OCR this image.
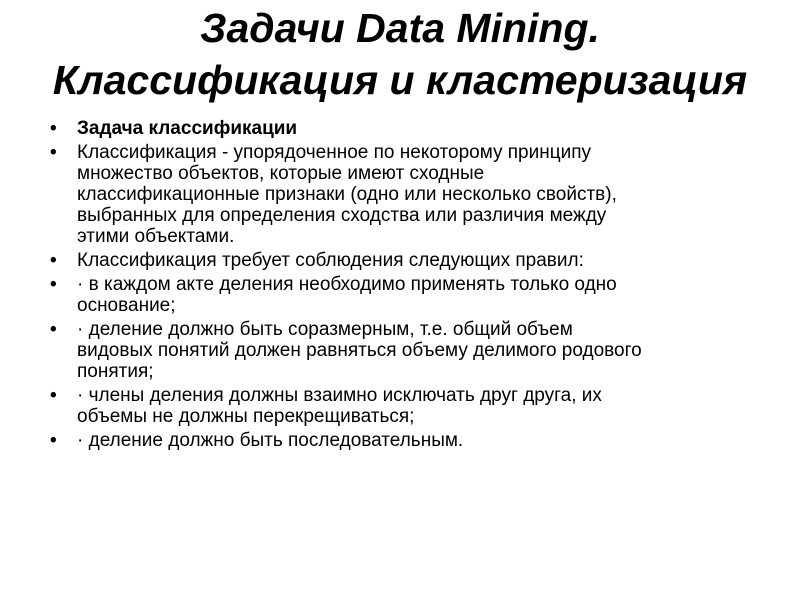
Задачи Data Mining.
Классификация и кластеризация
• Задача классификации
• Классификация - упорядоченное по некоторому принципу
множество объектов, которые имеют сходные
классификационные признаки (одно или несколько свойств),
выбранных для определения сходства или различия между
этими объектами.
• Классификация требует соблюдения следующих правил:
• · в каждом акте деления необходимо применять только одно
основание;
• · деление должно быть соразмерным, т.е. общий объем
видовых понятий должен равняться объему делимого родового
понятия;
• · члены деления должны взаимно исключать друг друга, их
объемы не должны перекрещиваться;
• · деление должно быть последовательным.
